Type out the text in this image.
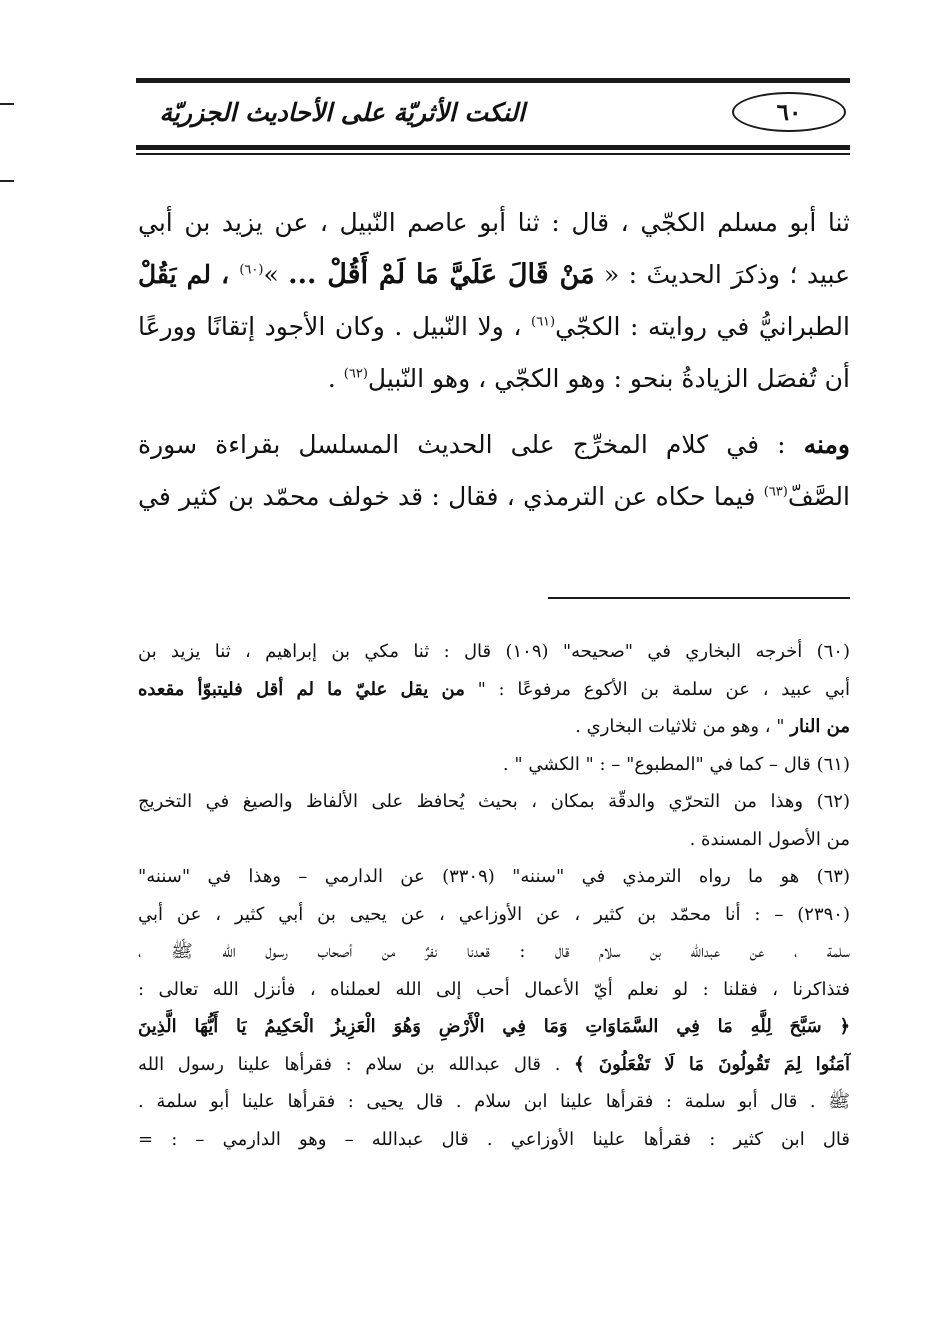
٦٠
النكت الأثريّة على الأحاديث الجزريّة
ثنا أبو مسلم الكجّي ، قال : ثنا أبو عاصم النّبيل ، عن يزيد بن أبي
عبيد ؛ وذكرَ الحديثَ : « مَنْ قَالَ عَلَيَّ مَا لَمْ أَقُلْ ... »$^{(٦٠)}$ ، لم يَقُلْ
الطبرانيُّ في روايته : الكجّي$^{(٦١)}$ ، ولا النّبيل . وكان الأجود إتقانًا وورعًا
أن تُفصَل الزيادةُ بنحو : وهو الكجّي ، وهو النّبيل$^{(٦٢)}$ .
ومنه : في كلام المخرِّج على الحديث المسلسل بقراءة سورة
الصَّفّ$^{(٦٣)}$ فيما حكاه عن الترمذي ، فقال : قد خولف محمّد بن كثير في
(٦٠) أخرجه البخاري في "صحيحه" (١٠٩) قال : ثنا مكي بن إبراهيم ، ثنا يزيد بن
أبي عبيد ، عن سلمة بن الأكوع مرفوعًا : " من يقل عليّ ما لم أقل فليتبوّأ مقعده
من النار " ، وهو من ثلاثيات البخاري .
(٦١) قال – كما في "المطبوع" – : " الكشي " .
(٦٢) وهذا من التحرّي والدقّة بمكان ، بحيث يُحافظ على الألفاظ والصيغ في التخريج
من الأصول المسندة .
(٦٣) هو ما رواه الترمذي في "سننه" (٣٣٠٩) عن الدارمي – وهذا في "سننه"
(٢٣٩٠) – : أنا محمّد بن كثير ، عن الأوزاعي ، عن يحيى بن أبي كثير ، عن أبي
سلمة ، عن عبدالله بن سلام قال : قعدنا نفرٌ من أصحاب رسول الله ﷺ ،
فتذاكرنا ، فقلنا : لو نعلم أيّ الأعمال أحب إلى الله لعملناه ، فأنزل الله تعالى :
﴿ سَبَّحَ لِلَّهِ مَا فِي السَّمَاوَاتِ وَمَا فِي الْأَرْضِ وَهُوَ الْعَزِيزُ الْحَكِيمُ يَا أَيُّهَا الَّذِينَ
آمَنُوا لِمَ تَقُولُونَ مَا لَا تَفْعَلُونَ ﴾ . قال عبدالله بن سلام : فقرأها علينا رسول الله
ﷺ . قال أبو سلمة : فقرأها علينا ابن سلام . قال يحيى : فقرأها علينا أبو سلمة .
قال ابن كثير : فقرأها علينا الأوزاعي . قال عبدالله – وهو الدارمي – : =
